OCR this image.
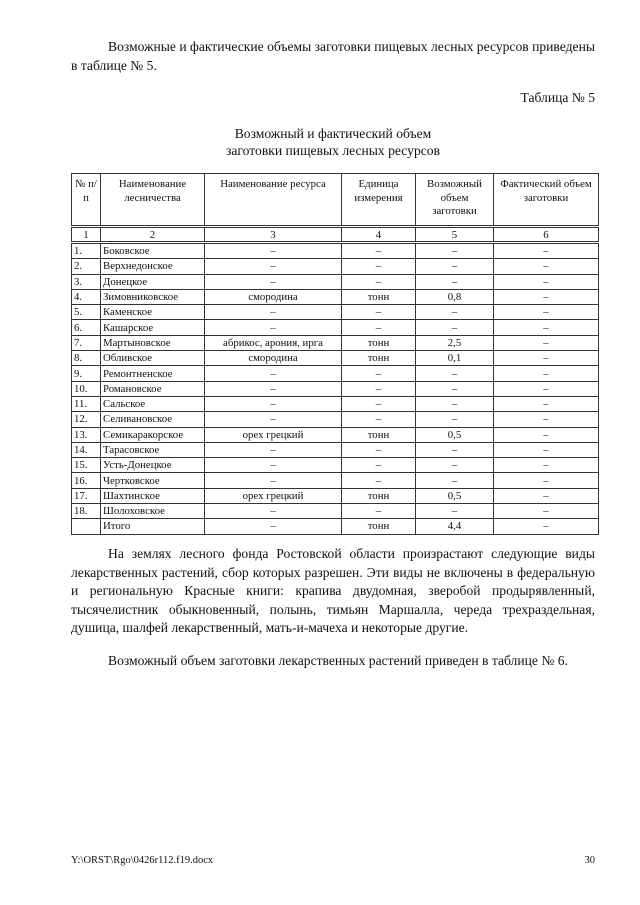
Возможные и фактические объемы заготовки пищевых лесных ресурсов приведены в таблице № 5.

Таблица № 5

Возможный и фактический объем
заготовки пищевых лесных ресурсов
№ п/п	Наименование лесничества	Наименование ресурса	Единица измерения	Возможный объем заготовки	Фактический объем заготовки
1	2	3	4	5	6
1.	Боковское	–	–	–	–
2.	Верхнедонское	–	–	–	–
3.	Донецкое	–	–	–	–
4.	Зимовниковское	смородина	тонн	0,8	–
5.	Каменское	–	–	–	–
6.	Кашарское	–	–	–	–
7.	Мартыновское	абрикос, арония, ирга	тонн	2,5	–
8.	Обливское	смородина	тонн	0,1	–
9.	Ремонтненское	–	–	–	–
10.	Романовское	–	–	–	–
11.	Сальское	–	–	–	–
12.	Селивановское	–	–	–	–
13.	Семикаракорское	орех грецкий	тонн	0,5	–
14.	Тарасовское	–	–	–	–
15.	Усть-Донецкое	–	–	–	–
16.	Чертковское	–	–	–	–
17.	Шахтинское	орех грецкий	тонн	0,5	–
18.	Шолоховское	–	–	–	–
	Итого	–	тонн	4,4	–

На землях лесного фонда Ростовской области произрастают следующие виды лекарственных растений, сбор которых разрешен. Эти виды не включены в федеральную и региональную Красные книги: крапива двудомная, зверобой продырявленный, тысячелистник обыкновенный, полынь, тимьян Маршалла, череда трехраздельная, душица, шалфей лекарственный, мать-и-мачеха и некоторые другие.

Возможный объем заготовки лекарственных растений приведен в таблице № 6.

Y:\ORST\Rgo\0426r112.f19.docx	30
